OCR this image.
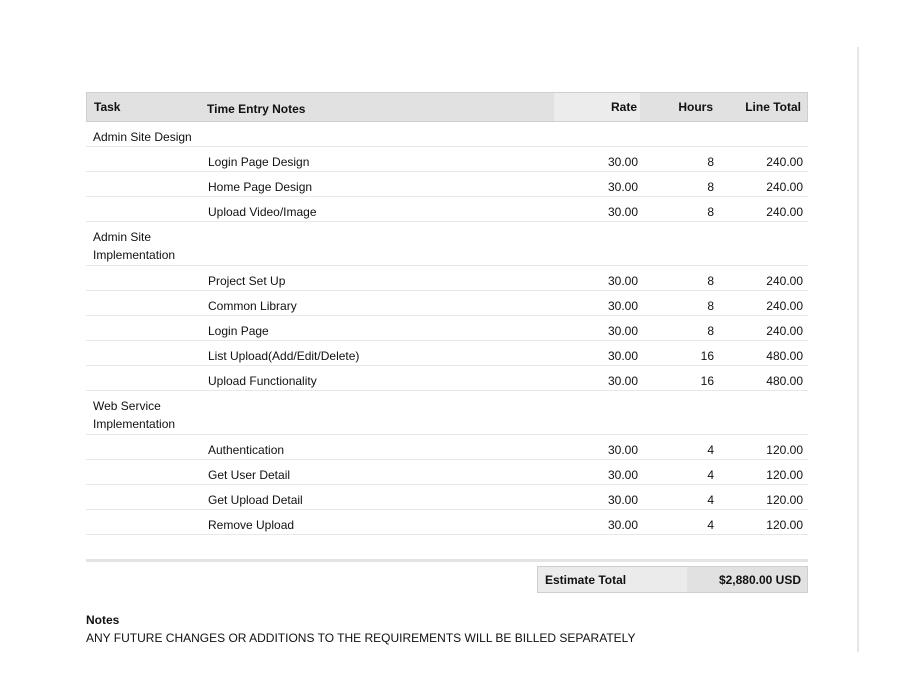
Task	Time Entry Notes	Rate	Hours	Line Total
Admin Site Design
Login Page Design	30.00	8	240.00
Home Page Design	30.00	8	240.00
Upload Video/Image	30.00	8	240.00
Admin Site
Implementation
Project Set Up	30.00	8	240.00
Common Library	30.00	8	240.00
Login Page	30.00	8	240.00
List Upload(Add/Edit/Delete)	30.00	16	480.00
Upload Functionality	30.00	16	480.00
Web Service
Implementation
Authentication	30.00	4	120.00
Get User Detail	30.00	4	120.00
Get Upload Detail	30.00	4	120.00
Remove Upload	30.00	4	120.00
Estimate Total	$2,880.00 USD
Notes
ANY FUTURE CHANGES OR ADDITIONS TO THE REQUIREMENTS WILL BE BILLED SEPARATELY
